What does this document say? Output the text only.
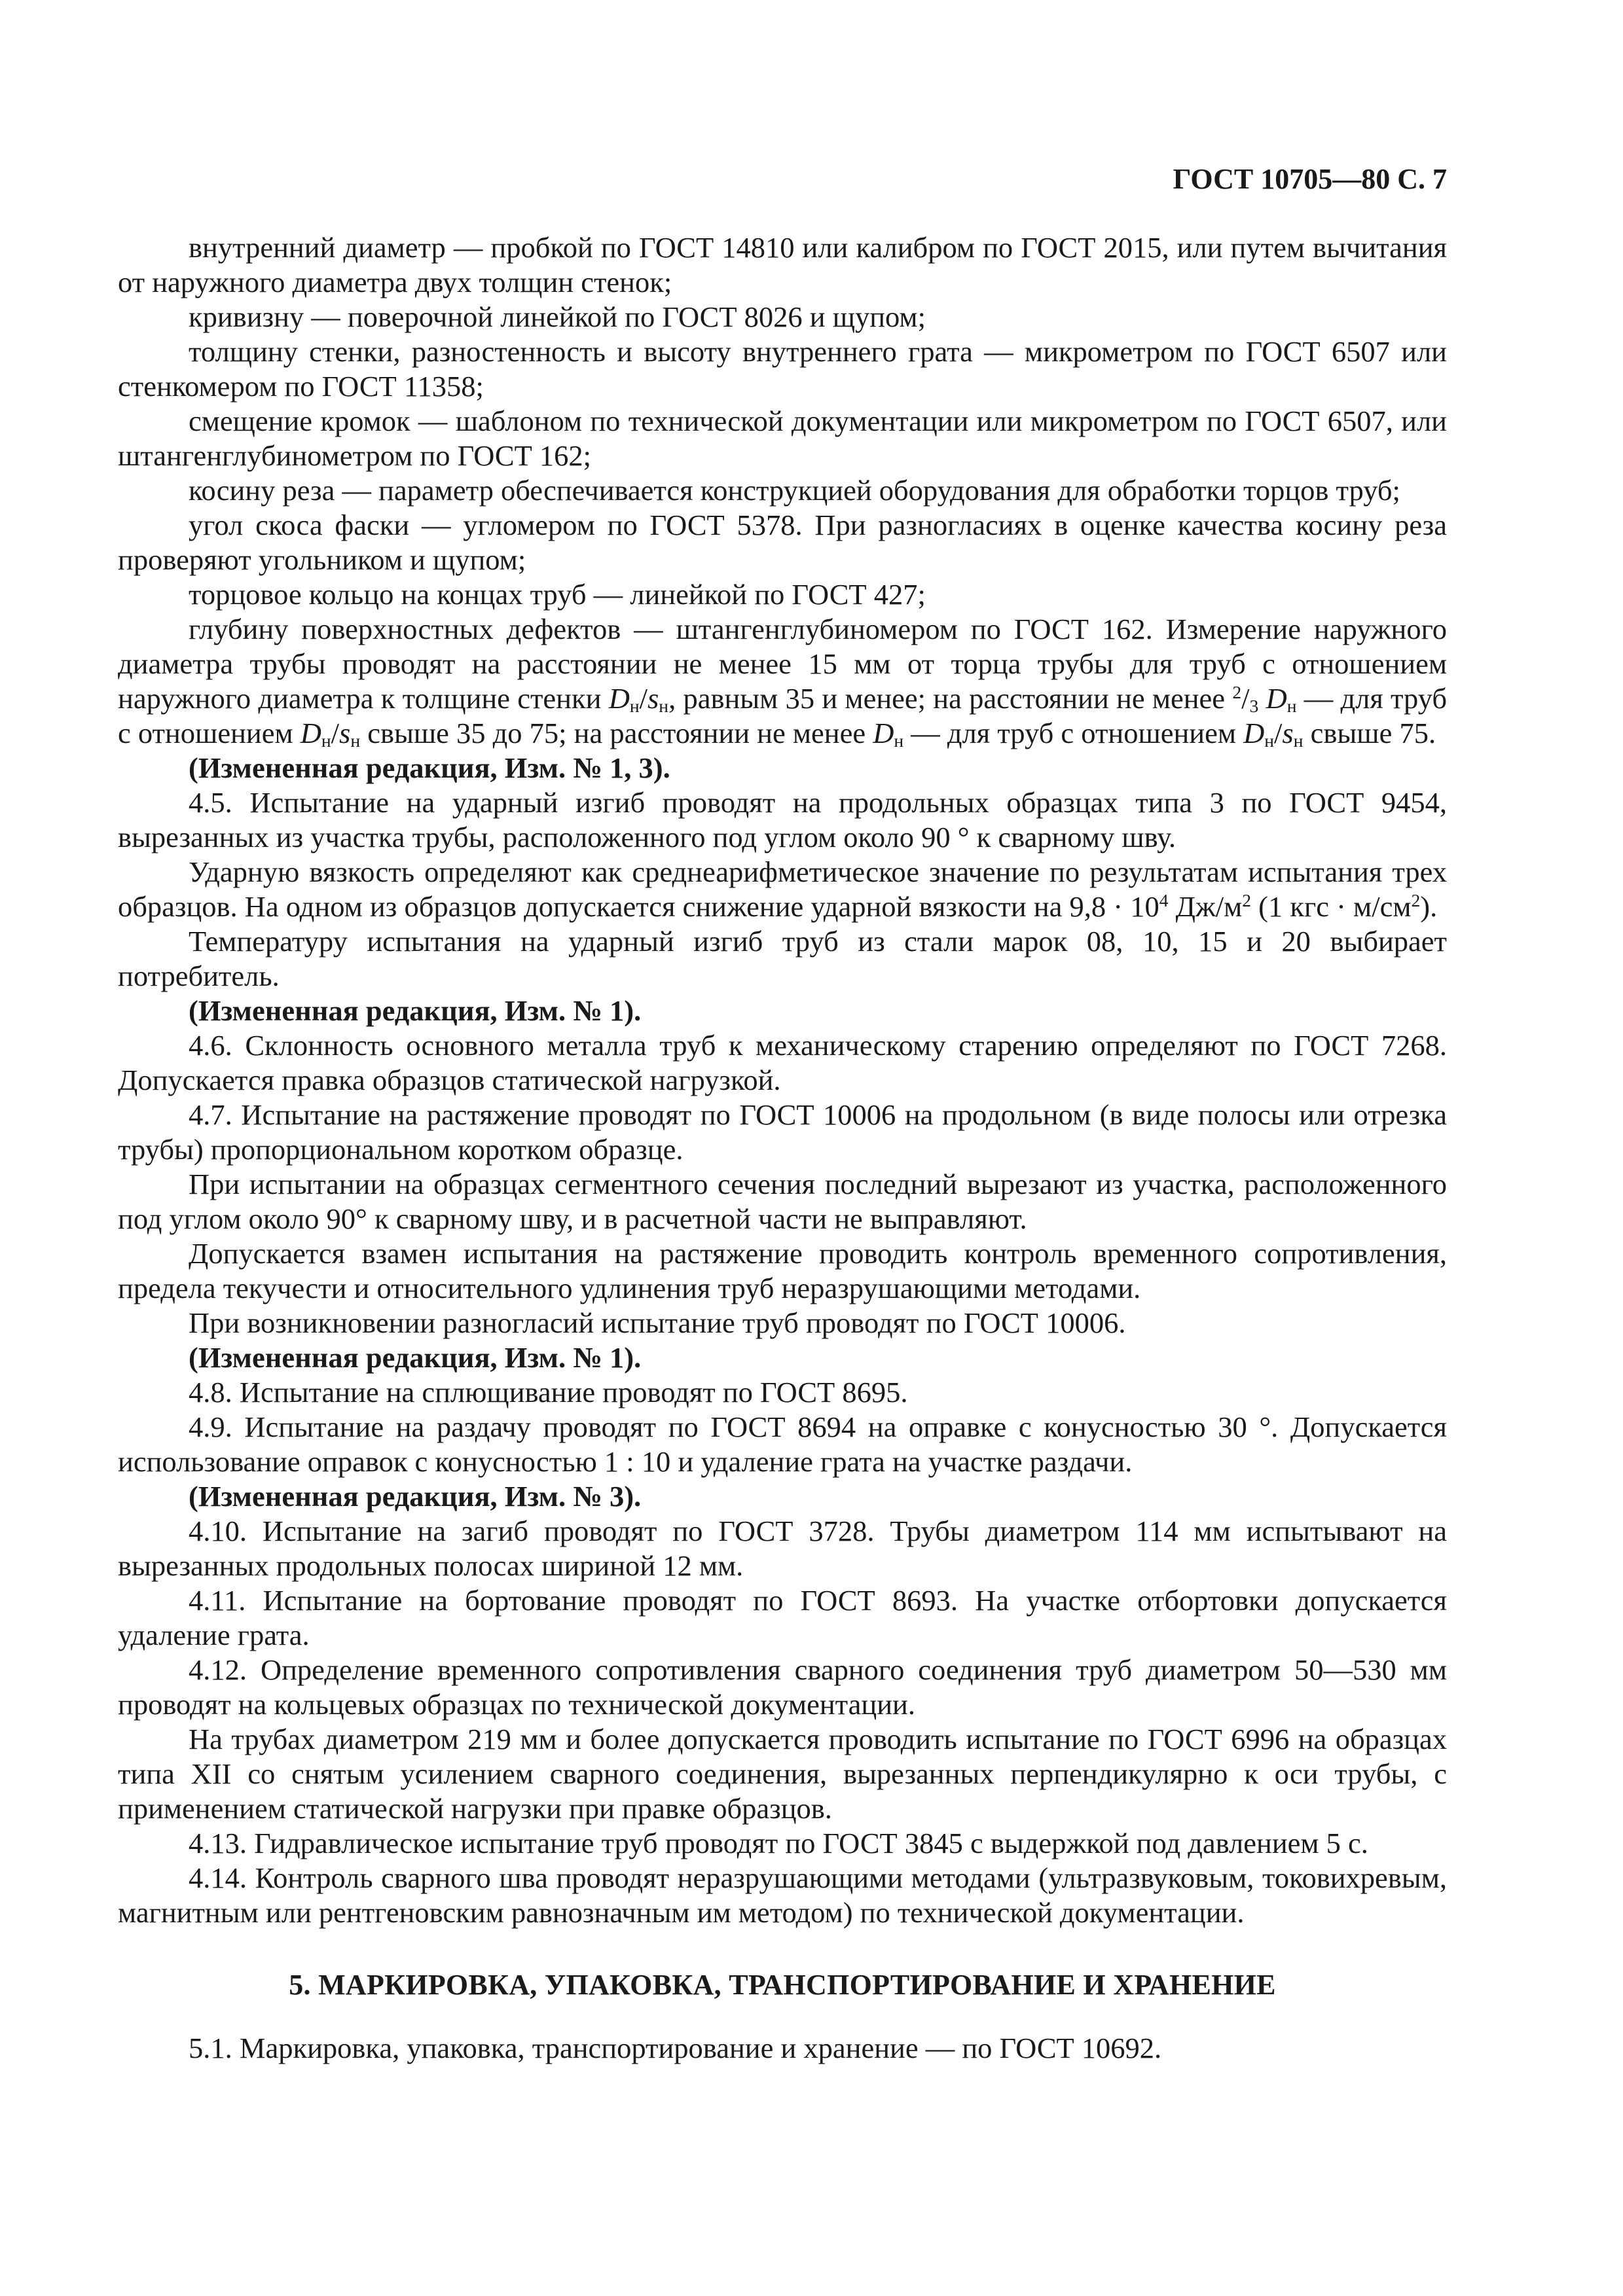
ГОСТ 10705—80 С. 7

внутренний диаметр — пробкой по ГОСТ 14810 или калибром по ГОСТ 2015, или путем вычитания от наружного диаметра двух толщин стенок;

кривизну — поверочной линейкой по ГОСТ 8026 и щупом;

толщину стенки, разностенность и высоту внутреннего грата — микрометром по ГОСТ 6507 или стенкомером по ГОСТ 11358;

смещение кромок — шаблоном по технической документации или микрометром по ГОСТ 6507, или штангенглубинометром по ГОСТ 162;

косину реза — параметр обеспечивается конструкцией оборудования для обработки торцов труб;

угол скоса фаски — угломером по ГОСТ 5378. При разногласиях в оценке качества косину реза проверяют угольником и щупом;

торцовое кольцо на концах труб — линейкой по ГОСТ 427;

глубину поверхностных дефектов — штангенглубиномером по ГОСТ 162. Измерение наружного диаметра трубы проводят на расстоянии не менее 15 мм от торца трубы для труб с отношением наружного диаметра к толщине стенки $D_н/s_н$, равным 35 и менее; на расстоянии не менее $^2/_3$ $D_н$ — для труб с отношением $D_н/s_н$ свыше 35 до 75; на расстоянии не менее $D_н$ — для труб с отношением $D_н/s_н$ свыше 75.

(Измененная редакция, Изм. № 1, 3).

4.5. Испытание на ударный изгиб проводят на продольных образцах типа 3 по ГОСТ 9454, вырезанных из участка трубы, расположенного под углом около 90 ° к сварному шву.

Ударную вязкость определяют как среднеарифметическое значение по результатам испытания трех образцов. На одном из образцов допускается снижение ударной вязкости на $9,8 \cdot 10^4$ $Дж/м^2$ (1 кгс · $м/см^2$).

Температуру испытания на ударный изгиб труб из стали марок 08, 10, 15 и 20 выбирает потребитель.

(Измененная редакция, Изм. № 1).

4.6. Склонность основного металла труб к механическому старению определяют по ГОСТ 7268. Допускается правка образцов статической нагрузкой.

4.7. Испытание на растяжение проводят по ГОСТ 10006 на продольном (в виде полосы или отрезка трубы) пропорциональном коротком образце.

При испытании на образцах сегментного сечения последний вырезают из участка, расположенного под углом около 90° к сварному шву, и в расчетной части не выправляют.

Допускается взамен испытания на растяжение проводить контроль временного сопротивления, предела текучести и относительного удлинения труб неразрушающими методами.

При возникновении разногласий испытание труб проводят по ГОСТ 10006.

(Измененная редакция, Изм. № 1).

4.8. Испытание на сплющивание проводят по ГОСТ 8695.

4.9. Испытание на раздачу проводят по ГОСТ 8694 на оправке с конусностью 30 °. Допускается использование оправок с конусностью 1 : 10 и удаление грата на участке раздачи.

(Измененная редакция, Изм. № 3).

4.10. Испытание на загиб проводят по ГОСТ 3728. Трубы диаметром 114 мм испытывают на вырезанных продольных полосах шириной 12 мм.

4.11. Испытание на бортование проводят по ГОСТ 8693. На участке отбортовки допускается удаление грата.

4.12. Определение временного сопротивления сварного соединения труб диаметром 50—530 мм проводят на кольцевых образцах по технической документации.

На трубах диаметром 219 мм и более допускается проводить испытание по ГОСТ 6996 на образцах типа XII со снятым усилением сварного соединения, вырезанных перпендикулярно к оси трубы, с применением статической нагрузки при правке образцов.

4.13. Гидравлическое испытание труб проводят по ГОСТ 3845 с выдержкой под давлением 5 с.

4.14. Контроль сварного шва проводят неразрушающими методами (ультразвуковым, токовихревым, магнитным или рентгеновским равнозначным им методом) по технической документации.

5. МАРКИРОВКА, УПАКОВКА, ТРАНСПОРТИРОВАНИЕ И ХРАНЕНИЕ

5.1. Маркировка, упаковка, транспортирование и хранение — по ГОСТ 10692.
